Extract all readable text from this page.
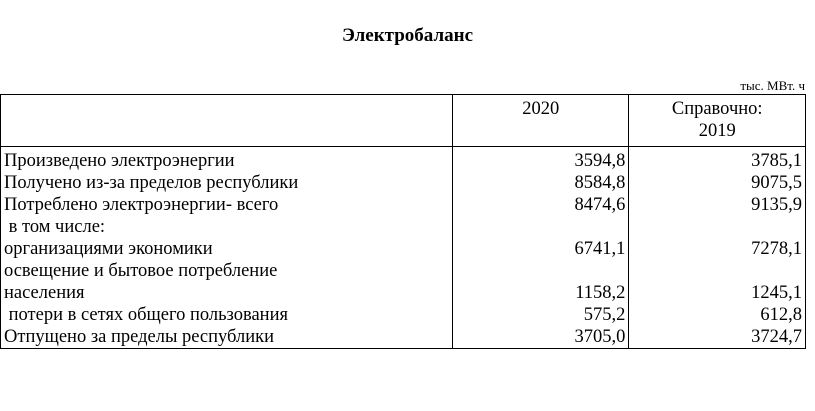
Электробаланс
тыс. МВт. ч
	2020	Справочно:
2019

Произведено электроэнергии	3594,8	3785,1
Получено из-за пределов республики	8584,8	9075,5
Потреблено электроэнергии- всего	8474,6	9135,9
в том числе:		
организациями экономики	6741,1	7278,1
освещение и бытовое потребление		
населения	1158,2	1245,1
потери в сетях общего пользования	575,2	612,8
Отпущено за пределы республики	3705,0	3724,7
